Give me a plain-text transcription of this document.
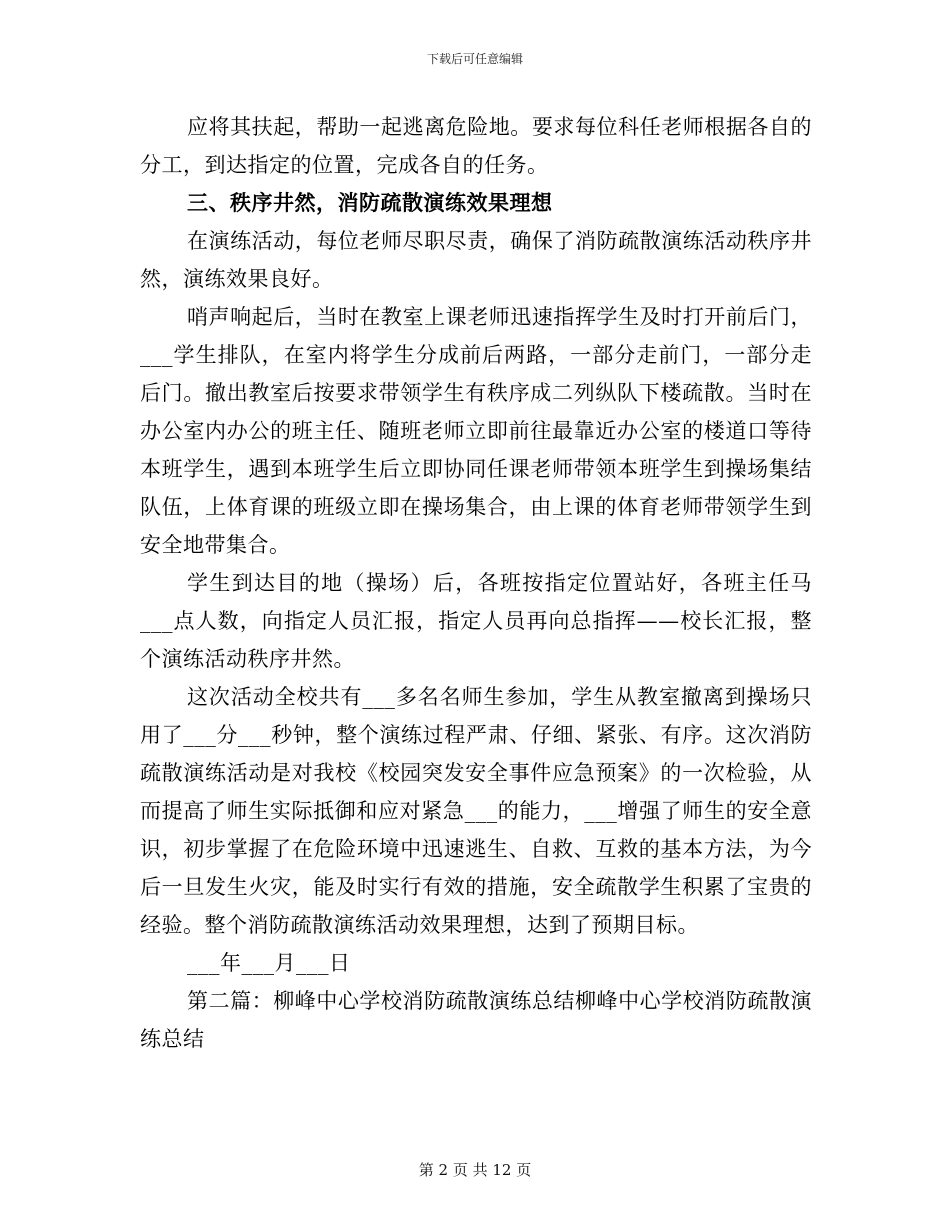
下载后可任意编辑

应将其扶起，帮助一起逃离危险地。要求每位科任老师根据各自的分工，到达指定的位置，完成各自的任务。

三、秩序井然，消防疏散演练效果理想

在演练活动，每位老师尽职尽责，确保了消防疏散演练活动秩序井然，演练效果良好。

哨声响起后，当时在教室上课老师迅速指挥学生及时打开前后门，___学生排队，在室内将学生分成前后两路，一部分走前门，一部分走后门。撤出教室后按要求带领学生有秩序成二列纵队下楼疏散。当时在办公室内办公的班主任、随班老师立即前往最靠近办公室的楼道口等待本班学生，遇到本班学生后立即协同任课老师带领本班学生到操场集结队伍，上体育课的班级立即在操场集合，由上课的体育老师带领学生到安全地带集合。

学生到达目的地（操场）后，各班按指定位置站好，各班主任马___点人数，向指定人员汇报，指定人员再向总指挥——校长汇报，整个演练活动秩序井然。

这次活动全校共有___多名名师生参加，学生从教室撤离到操场只用了___分___秒钟，整个演练过程严肃、仔细、紧张、有序。这次消防疏散演练活动是对我校《校园突发安全事件应急预案》的一次检验，从而提高了师生实际抵御和应对紧急___的能力，___增强了师生的安全意识，初步掌握了在危险环境中迅速逃生、自救、互救的基本方法，为今后一旦发生火灾，能及时实行有效的措施，安全疏散学生积累了宝贵的经验。整个消防疏散演练活动效果理想，达到了预期目标。

___年___月___日

第二篇：柳峰中心学校消防疏散演练总结柳峰中心学校消防疏散演练总结

第 2 页 共 12 页
